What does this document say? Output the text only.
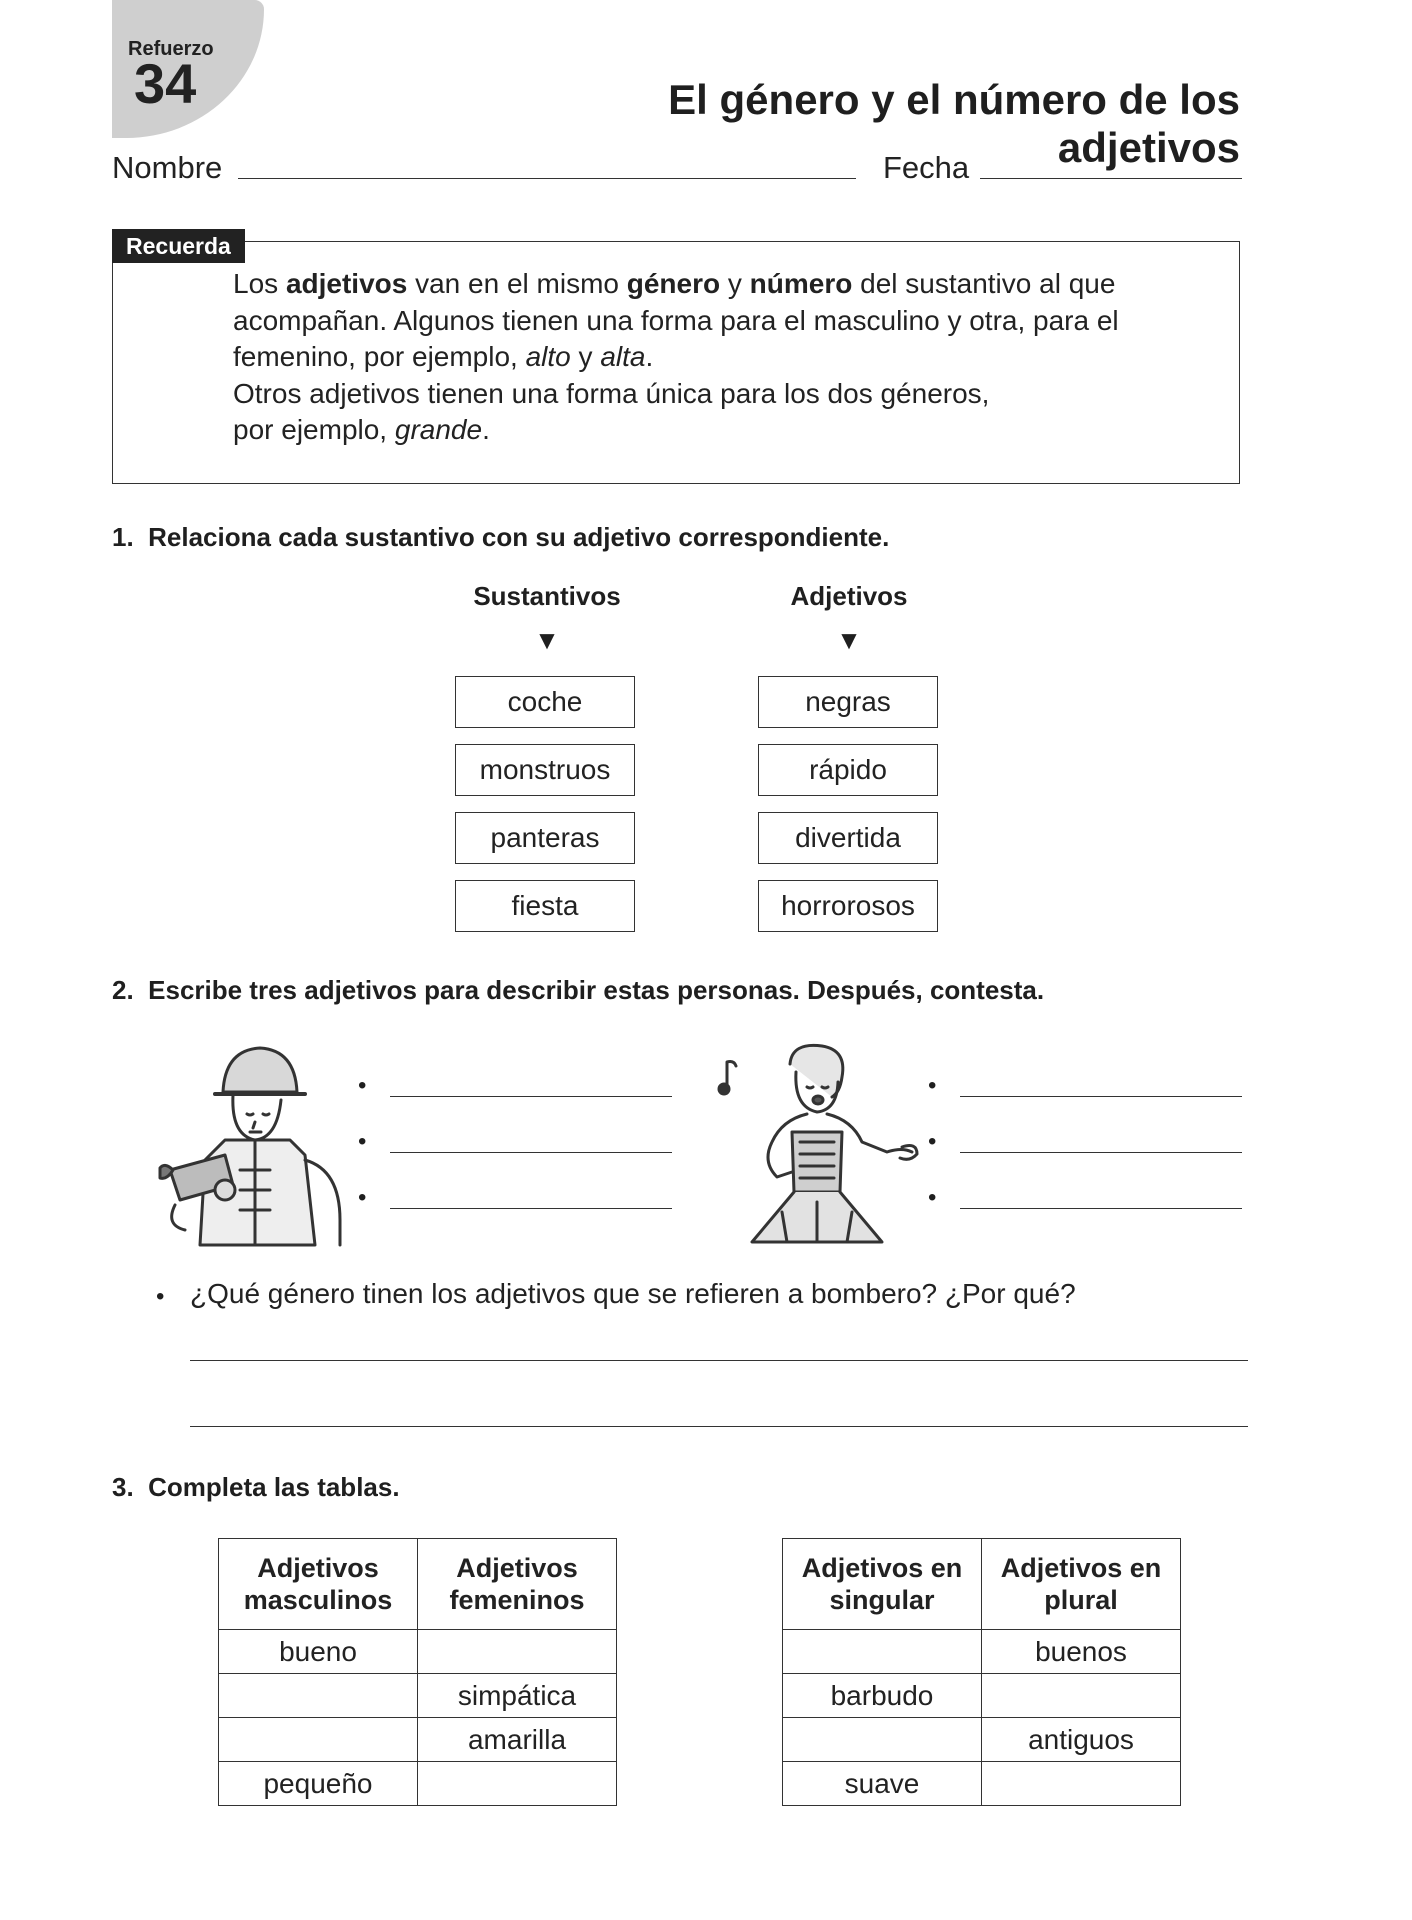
Refuerzo
34	El género y el número de los adjetivos
Nombre	Fecha
Recuerda
Los adjetivos van en el mismo género y número del sustantivo al que acompañan. Algunos tienen una forma para el masculino y otra, para el femenino, por ejemplo, alto y alta.
Otros adjetivos tienen una forma única para los dos géneros,
por ejemplo, grande.
1. Relaciona cada sustantivo con su adjetivo correspondiente.
Sustantivos	Adjetivos
▼	▼
coche
monstruos
panteras
fiesta
negras
rápido
divertida
horrorosos
2. Escribe tres adjetivos para describir estas personas. Después, contesta.
•
•
•
•
•
•
• ¿Qué género tinen los adjetivos que se refieren a bombero? ¿Por qué?
3. Completa las tablas.
Adjetivos masculinos	Adjetivos femeninos
bueno	
	simpática
	amarilla
pequeño	
Adjetivos en singular	Adjetivos en plural
	buenos
barbudo	
	antiguos
suave	
